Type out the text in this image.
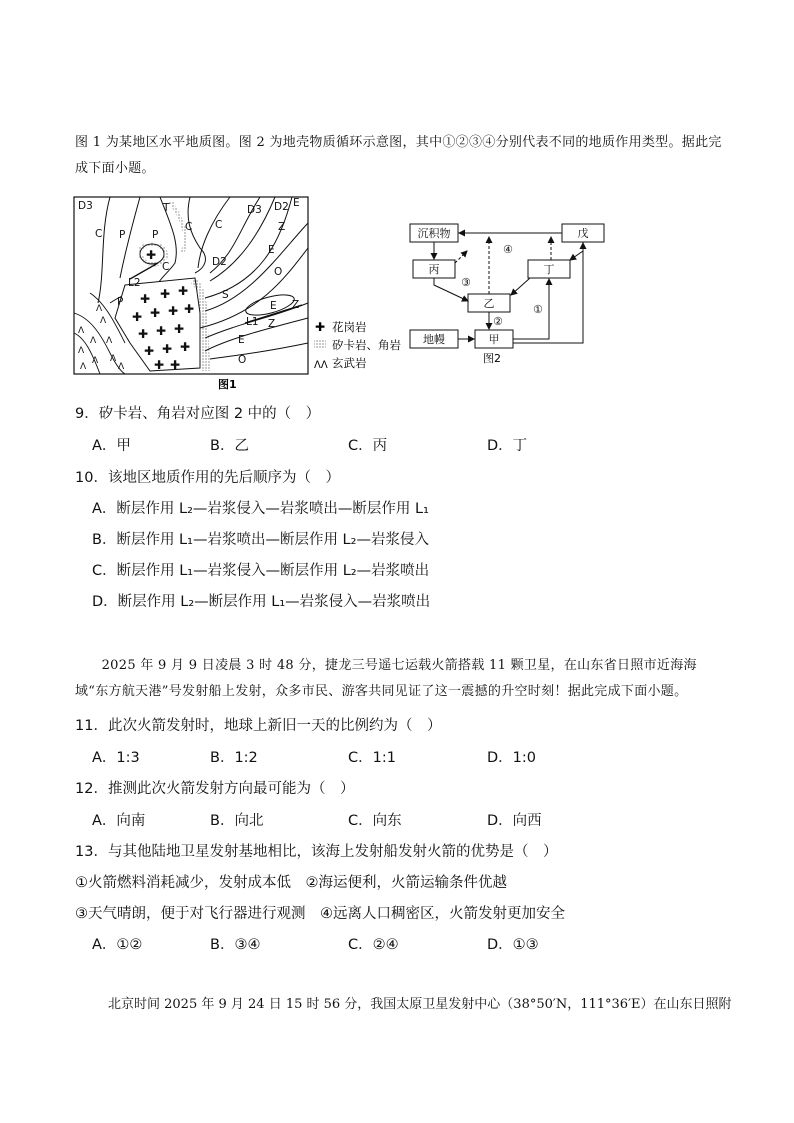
图 1 为某地区水平地质图。图 2 为地壳物质循环示意图，其中①②③④分别代表不同的地质作用类型。据此完成下面小题。
✚
✚ ✚ ✚
✚ ✚ ✚ ✚
✚ ✚ ✚
✚ ✚ ✚
✚ ✚
ᐱ
ᐱ
ᐱ
ᐱ
ᐱ
ᐱ
ᐱ
ᐱ
ᐱ
ᐱ
D3
C P
T
C
D3 D2 E
C	Z
P
C	D2
E
L2
P
S
O
E
L1
Z
Z
E
O
✚ 花岗岩
矽卡岩、角岩
ᐱᐱ 玄武岩
图1
沉积物	戊
丙	丁
乙
地幔	甲
④
③
②
①
图2
9．矽卡岩、角岩对应图 2 中的（　）
A．甲	B．乙	C．丙	D．丁
10．该地区地质作用的先后顺序为（　）
A．断层作用 L₂—岩浆侵入—岩浆喷出—断层作用 L₁
B．断层作用 L₁—岩浆喷出—断层作用 L₂—岩浆侵入
C．断层作用 L₁—岩浆侵入—断层作用 L₂—岩浆喷出
D．断层作用 L₂—断层作用 L₁—岩浆侵入—岩浆喷出
　　2025 年 9 月 9 日凌晨 3 时 48 分，捷龙三号遥七运载火箭搭载 11 颗卫星，在山东省日照市近海海域“东方航天港”号发射船上发射，众多市民、游客共同见证了这一震撼的升空时刻！据此完成下面小题。
11．此次火箭发射时，地球上新旧一天的比例约为（　）
A．1:3	B．1:2	C．1:1	D．1:0
12．推测此次火箭发射方向最可能为（　）
A．向南	B．向北	C．向东	D．向西
13．与其他陆地卫星发射基地相比，该海上发射船发射火箭的优势是（　）
①火箭燃料消耗减少，发射成本低　②海运便利，火箭运输条件优越
③天气晴朗，便于对飞行器进行观测　④远离人口稠密区，火箭发射更加安全
A．①②	B．③④	C．②④	D．①③
北京时间 2025 年 9 月 24 日 15 时 56 分，我国太原卫星发射中心（38°50′N，111°36′E）在山东日照附
